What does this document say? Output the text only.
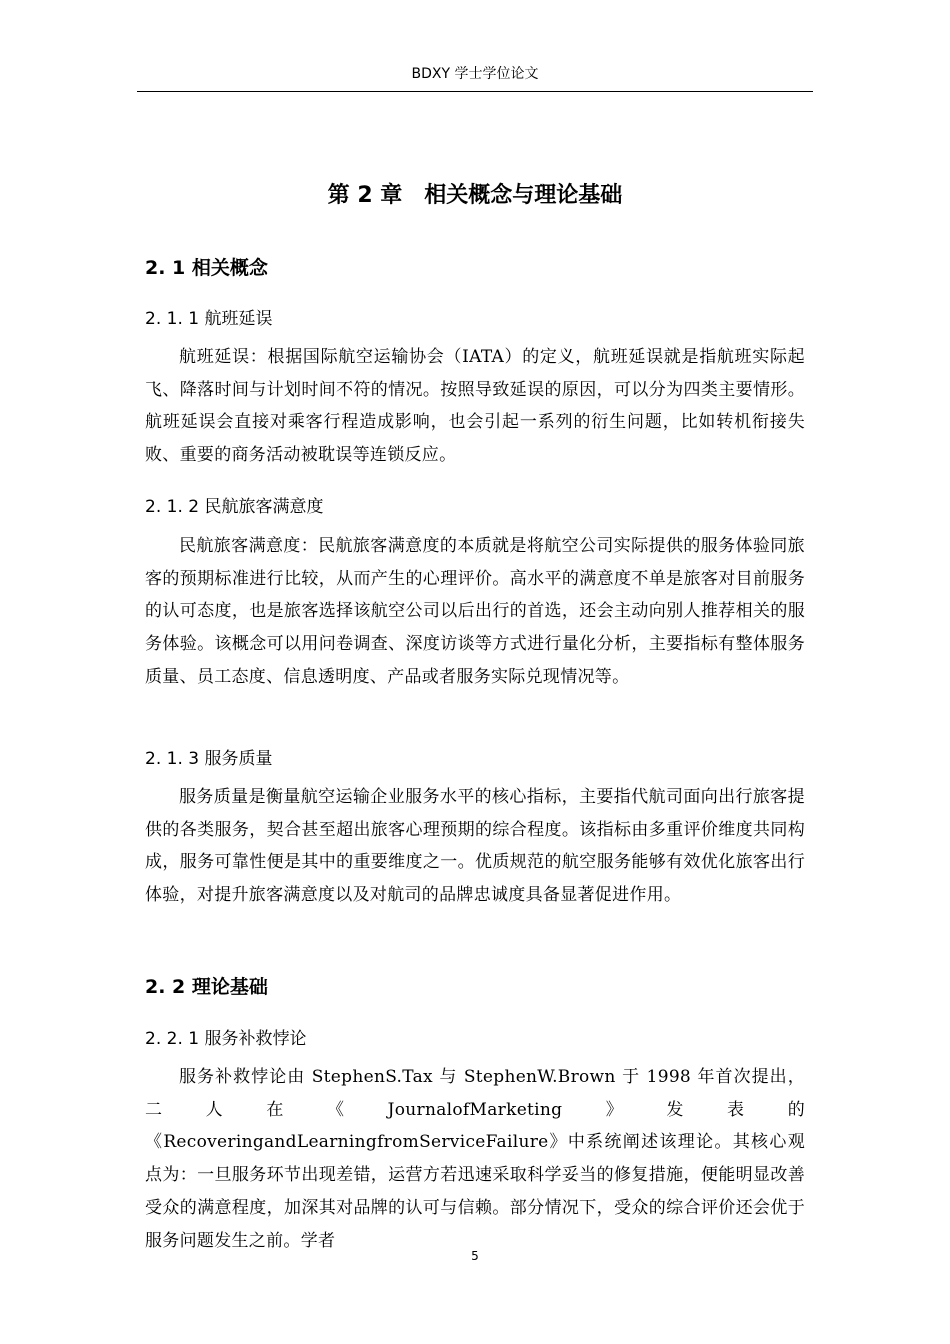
BDXY 学士学位论文
第 2 章　相关概念与理论基础
2. 1 相关概念
2. 1. 1 航班延误

航班延误：根据国际航空运输协会（IATA）的定义，航班延误就是指航班实际起飞、降落时间与计划时间不符的情况。按照导致延误的原因，可以分为四类主要情形。航班延误会直接对乘客行程造成影响，也会引起一系列的衍生问题，比如转机衔接失败、重要的商务活动被耽误等连锁反应。

2. 1. 2 民航旅客满意度

民航旅客满意度：民航旅客满意度的本质就是将航空公司实际提供的服务体验同旅客的预期标准进行比较，从而产生的心理评价。高水平的满意度不单是旅客对目前服务的认可态度，也是旅客选择该航空公司以后出行的首选，还会主动向别人推荐相关的服务体验。该概念可以用问卷调查、深度访谈等方式进行量化分析，主要指标有整体服务质量、员工态度、信息透明度、产品或者服务实际兑现情况等。

2. 1. 3 服务质量

服务质量是衡量航空运输企业服务水平的核心指标，主要指代航司面向出行旅客提供的各类服务，契合甚至超出旅客心理预期的综合程度。该指标由多重评价维度共同构成，服务可靠性便是其中的重要维度之一。优质规范的航空服务能够有效优化旅客出行体验，对提升旅客满意度以及对航司的品牌忠诚度具备显著促进作用。

2. 2 理论基础
2. 2. 1 服务补救悖论

服务补救悖论由 StephenS.Tax 与 StephenW.Brown 于 1998 年首次提出，二人在《JournalofMarketing》发表的《RecoveringandLearningfromServiceFailure》中系统阐述该理论。其核心观点为：一旦服务环节出现差错，运营方若迅速采取科学妥当的修复措施，便能明显改善受众的满意程度，加深其对品牌的认可与信赖。部分情况下，受众的综合评价还会优于服务问题发生之前。学者

5
